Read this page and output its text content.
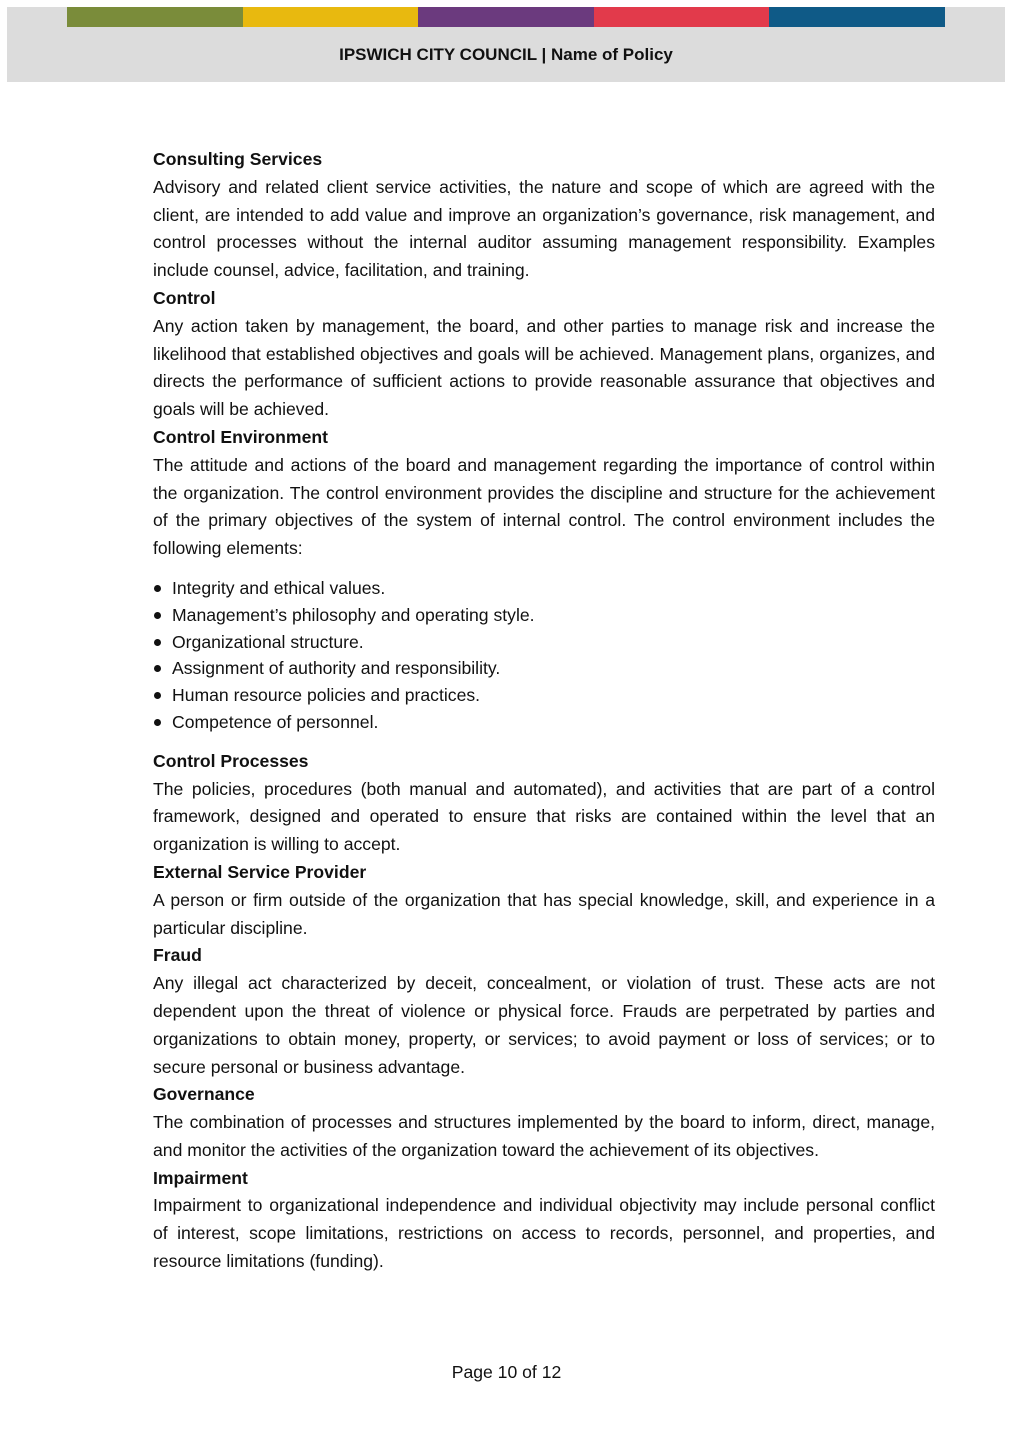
IPSWICH CITY COUNCIL | Name of Policy

Consulting Services

Advisory and related client service activities, the nature and scope of which are agreed with the client, are intended to add value and improve an organization’s governance, risk management, and control processes without the internal auditor assuming management responsibility. Examples include counsel, advice, facilitation, and training.

Control

Any action taken by management, the board, and other parties to manage risk and increase the likelihood that established objectives and goals will be achieved. Management plans, organizes, and directs the performance of sufficient actions to provide reasonable assurance that objectives and goals will be achieved.

Control Environment

The attitude and actions of the board and management regarding the importance of control within the organization. The control environment provides the discipline and structure for the achievement of the primary objectives of the system of internal control. The control environment includes the following elements:

Integrity and ethical values.
Management’s philosophy and operating style.
Organizational structure.
Assignment of authority and responsibility.
Human resource policies and practices.
Competence of personnel.

Control Processes

The policies, procedures (both manual and automated), and activities that are part of a control framework, designed and operated to ensure that risks are contained within the level that an organization is willing to accept.

External Service Provider

A person or firm outside of the organization that has special knowledge, skill, and experience in a particular discipline.

Fraud

Any illegal act characterized by deceit, concealment, or violation of trust. These acts are not dependent upon the threat of violence or physical force. Frauds are perpetrated by parties and organizations to obtain money, property, or services; to avoid payment or loss of services; or to secure personal or business advantage.

Governance

The combination of processes and structures implemented by the board to inform, direct, manage, and monitor the activities of the organization toward the achievement of its objectives.

Impairment

Impairment to organizational independence and individual objectivity may include personal conflict of interest, scope limitations, restrictions on access to records, personnel, and properties, and resource limitations (funding).

Page 10 of 12
